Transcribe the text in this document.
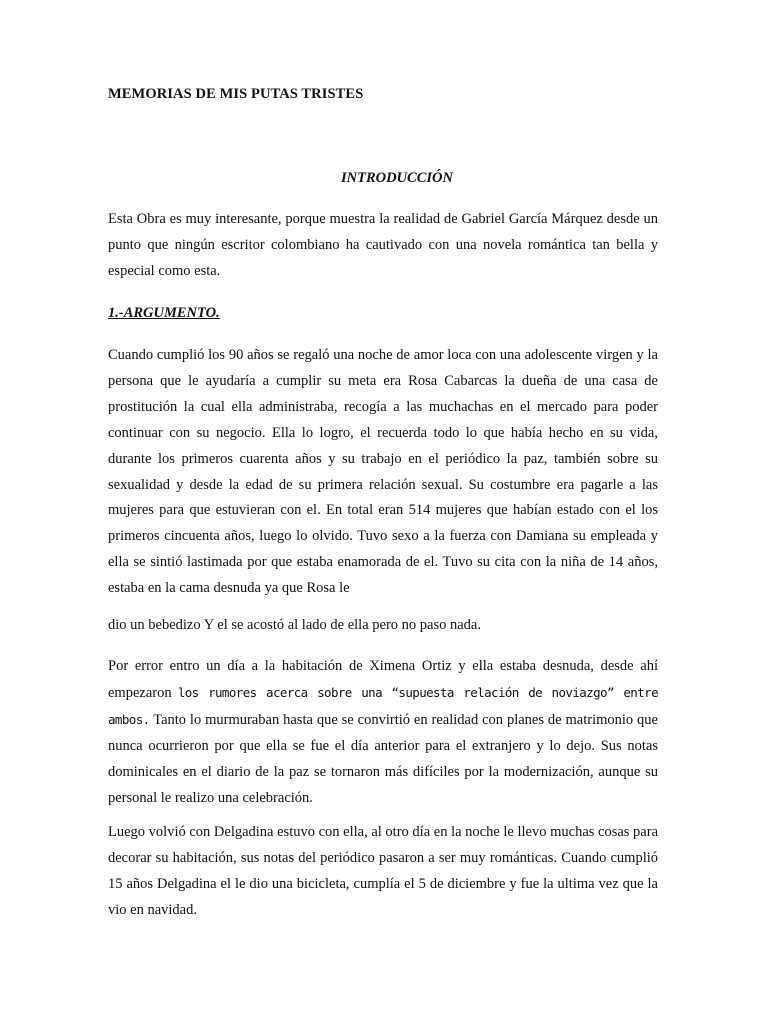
MEMORIAS DE MIS PUTAS TRISTES
INTRODUCCIÓN

Esta Obra es muy interesante, porque muestra la realidad de Gabriel García Márquez desde un punto que ningún escritor colombiano ha cautivado con una novela romántica tan bella y especial como esta.

1.-ARGUMENTO.

Cuando cumplió los 90 años se regaló una noche de amor loca con una adolescente virgen y la persona que le ayudaría a cumplir su meta era Rosa Cabarcas la dueña de una casa de prostitución la cual ella administraba, recogía a las muchachas en el mercado para poder continuar con su negocio. Ella lo logro, el recuerda todo lo que había hecho en su vida, durante los primeros cuarenta años y su trabajo en el periódico la paz, también sobre su sexualidad y desde la edad de su primera relación sexual. Su costumbre era pagarle a las mujeres para que estuvieran con el. En total eran 514 mujeres que habían estado con el los primeros cincuenta años, luego lo olvido. Tuvo sexo a la fuerza con Damiana su empleada y ella se sintió lastimada por que estaba enamorada de el. Tuvo su cita con la niña de 14 años, estaba en la cama desnuda ya que Rosa le

dio un bebedizo Y el se acostó al lado de ella pero no paso nada.

Por error entro un día a la habitación de Ximena Ortiz y ella estaba desnuda, desde ahí empezaron los rumores acerca sobre una “supuesta relación de noviazgo” entre ambos. Tanto lo murmuraban hasta que se convirtió en realidad con planes de matrimonio que nunca ocurrieron por que ella se fue el día anterior para el extranjero y lo dejo. Sus notas dominicales en el diario de la paz se tornaron más difíciles por la modernización, aunque su personal le realizo una celebración.

Luego volvió con Delgadina estuvo con ella, al otro día en la noche le llevo muchas cosas para decorar su habitación, sus notas del periódico pasaron a ser muy románticas. Cuando cumplió 15 años Delgadina el le dio una bicicleta, cumplía el 5 de diciembre y fue la ultima vez que la vio en navidad.
